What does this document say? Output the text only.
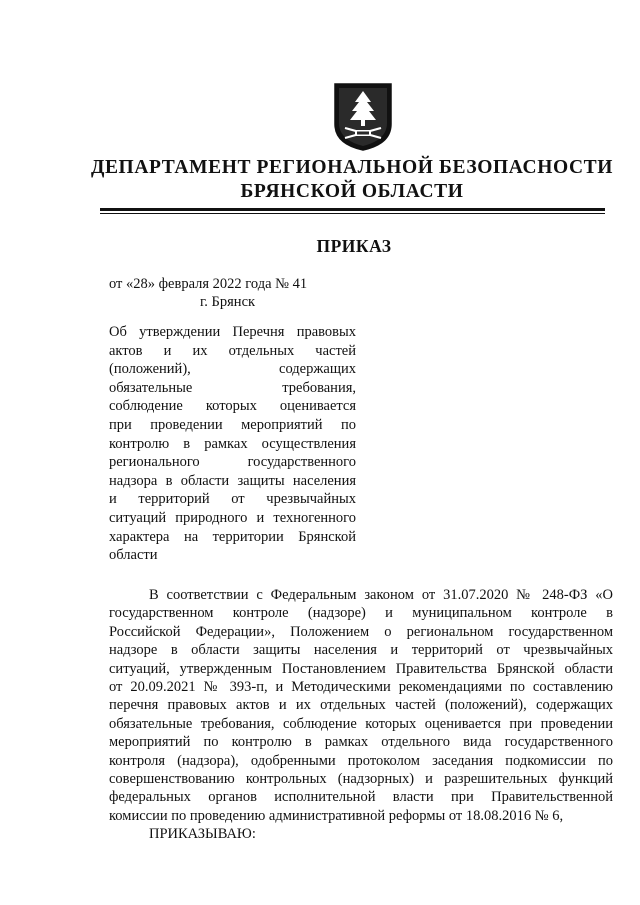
ДЕПАРТАМЕНТ РЕГИОНАЛЬНОЙ БЕЗОПАСНОСТИ
БРЯНСКОЙ ОБЛАСТИ
ПРИКАЗ
от «28» февраля 2022 года № 41
г. Брянск
Об утверждении Перечня правовых
актов и их отдельных частей
(положений), содержащих
обязательные требования,
соблюдение которых оценивается
при проведении мероприятий по
контролю в рамках осуществления
регионального государственного
надзора в области защиты населения
и территорий от чрезвычайных
ситуаций природного и техногенного
характера на территории Брянской
области
В соответствии с Федеральным законом от 31.07.2020 № 248-ФЗ «О
государственном контроле (надзоре) и муниципальном контроле в
Российской Федерации», Положением о региональном государственном
надзоре в области защиты населения и территорий от чрезвычайных
ситуаций, утвержденным Постановлением Правительства Брянской области
от 20.09.2021 № 393-п, и Методическими рекомендациями по составлению
перечня правовых актов и их отдельных частей (положений), содержащих
обязательные требования, соблюдение которых оценивается при проведении
мероприятий по контролю в рамках отдельного вида государственного
контроля (надзора), одобренными протоколом заседания подкомиссии по
совершенствованию контрольных (надзорных) и разрешительных функций
федеральных органов исполнительной власти при Правительственной
комиссии по проведению административной реформы от 18.08.2016 № 6,
ПРИКАЗЫВАЮ:
